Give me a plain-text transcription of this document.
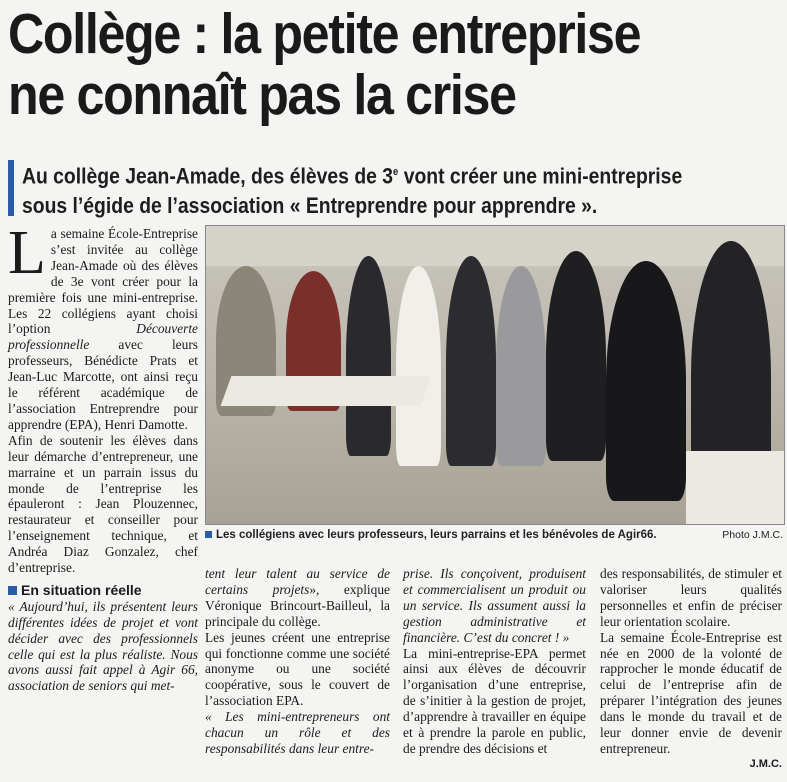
Collège : la petite entreprise
ne connaît pas la crise
Au collège Jean-Amade, des élèves de 3e vont créer une mini-entreprise
sous l’égide de l’association « Entreprendre pour apprendre ».

La semaine École-Entreprise s’est invitée au collège Jean-Amade où des élèves de 3e vont créer pour la première fois une mini-entreprise. Les 22 collégiens ayant choisi l’option	Découverte professionnelle avec leurs professeurs, Bénédicte Prats et Jean-Luc Marcotte, ont ainsi reçu le référent académique de l’association Entreprendre pour apprendre (EPA), Henri Damotte.

Afin de soutenir les élèves dans leur démarche d’entrepreneur, une marraine et un parrain issus du monde de l’entreprise les épauleront : Jean Plouzennec, restaurateur et conseiller pour l’enseignement technique, et Andréa Diaz Gonzalez, chef d’entreprise.

En situation réelle

« Aujourd’hui, ils présentent leurs différentes idées de projet et vont décider avec des professionnels celle qui est la plus réaliste. Nous avons aussi fait appel à Agir 66, association de seniors qui met-

Les collégiens avec leurs professeurs, leurs parrains et les bénévoles de Agir66.	Photo J.M.C.

tent leur talent au service de certains projets», explique Véronique Brincourt-Bailleul, la principale du collège.

Les jeunes créent une entreprise qui fonctionne comme une société anonyme ou une société coopérative, sous le couvert de l’association EPA.

« Les mini-entrepreneurs ont chacun un rôle et des responsabilités dans leur entre-

prise. Ils conçoivent, produisent et commercialisent un produit ou un service. Ils assument aussi la gestion administrative et financière. C’est du concret ! »

La mini-entreprise-EPA permet ainsi aux élèves de découvrir l’organisation d’une entreprise, de s’initier à la gestion de projet, d’apprendre à travailler en équipe et à prendre la parole en public, de prendre des décisions et

des responsabilités, de stimuler et valoriser leurs qualités personnelles et enfin de préciser leur orientation scolaire.

La semaine École-Entreprise est née en 2000 de la volonté de rapprocher le monde éducatif de celui de l’entreprise afin de préparer l’intégration des jeunes dans le monde du travail et de leur donner envie de devenir entrepreneur.

J.M.C.
